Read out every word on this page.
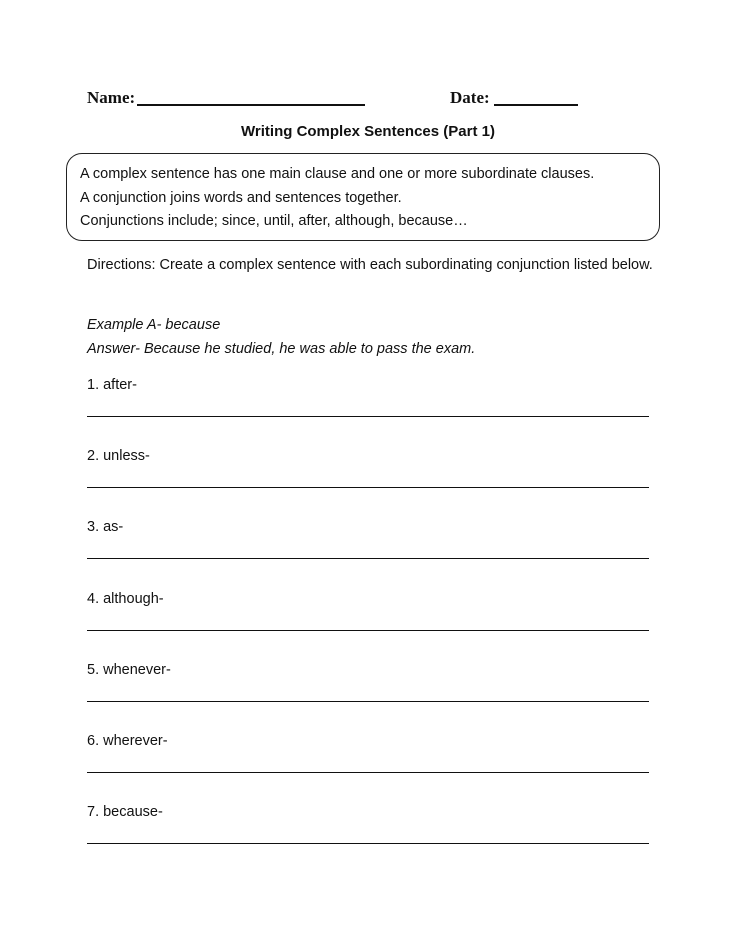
Name:	Date:
Writing Complex Sentences (Part 1)
A complex sentence has one main clause and one or more subordinate clauses.
A conjunction joins words and sentences together.
Conjunctions include; since, until, after, although, because…
Directions: Create a complex sentence with each subordinating conjunction listed below.
Example A- because
Answer- Because he studied, he was able to pass the exam.
1. after-
2. unless-
3. as-
4. although-
5. whenever-
6. wherever-
7. because-
